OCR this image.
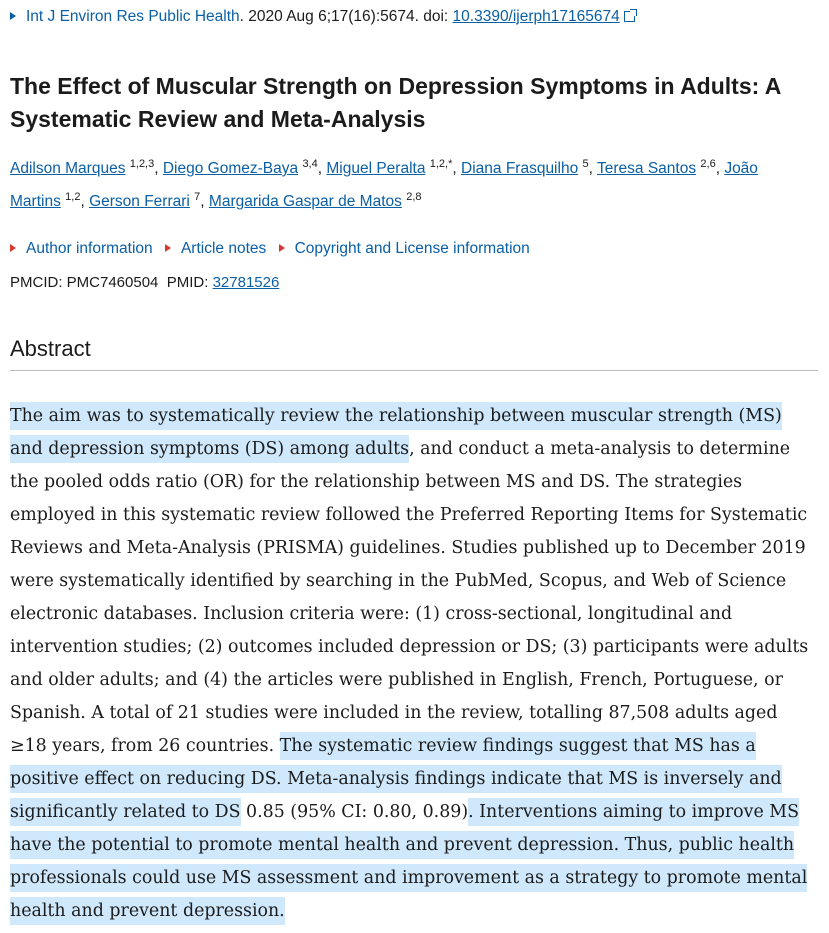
Int J Environ Res Public Health. 2020 Aug 6;17(16):5674. doi: 10.3390/ijerph17165674
The Effect of Muscular Strength on Depression Symptoms in Adults: A Systematic Review and Meta-Analysis
Adilson Marques $^{1,2,3}$, Diego Gomez-Baya $^{3,4}$, Miguel Peralta $^{1,2,*}$, Diana Frasquilho $^5$, Teresa Santos $^{2,6}$, João Martins $^{1,2}$, Gerson Ferrari $^7$, Margarida Gaspar de Matos $^{2,8}$
Author information Article notes Copyright and License information
PMCID: PMC7460504 PMID: 32781526
Abstract

The aim was to systematically review the relationship between muscular strength (MS) and depression symptoms (DS) among adults, and conduct a meta-analysis to determine the pooled odds ratio (OR) for the relationship between MS and DS. The strategies employed in this systematic review followed the Preferred Reporting Items for Systematic Reviews and Meta-Analysis (PRISMA) guidelines. Studies published up to December 2019 were systematically identified by searching in the PubMed, Scopus, and Web of Science electronic databases. Inclusion criteria were: (1) cross-sectional, longitudinal and intervention studies; (2) outcomes included depression or DS; (3) participants were adults and older adults; and (4) the articles were published in English, French, Portuguese, or Spanish. A total of 21 studies were included in the review, totalling 87,508 adults aged ≥18 years, from 26 countries. The systematic review findings suggest that MS has a positive effect on reducing DS. Meta-analysis findings indicate that MS is inversely and significantly related to DS 0.85 (95% CI: 0.80, 0.89). Interventions aiming to improve MS have the potential to promote mental health and prevent depression. Thus, public health professionals could use MS assessment and improvement as a strategy to promote mental health and prevent depression.
